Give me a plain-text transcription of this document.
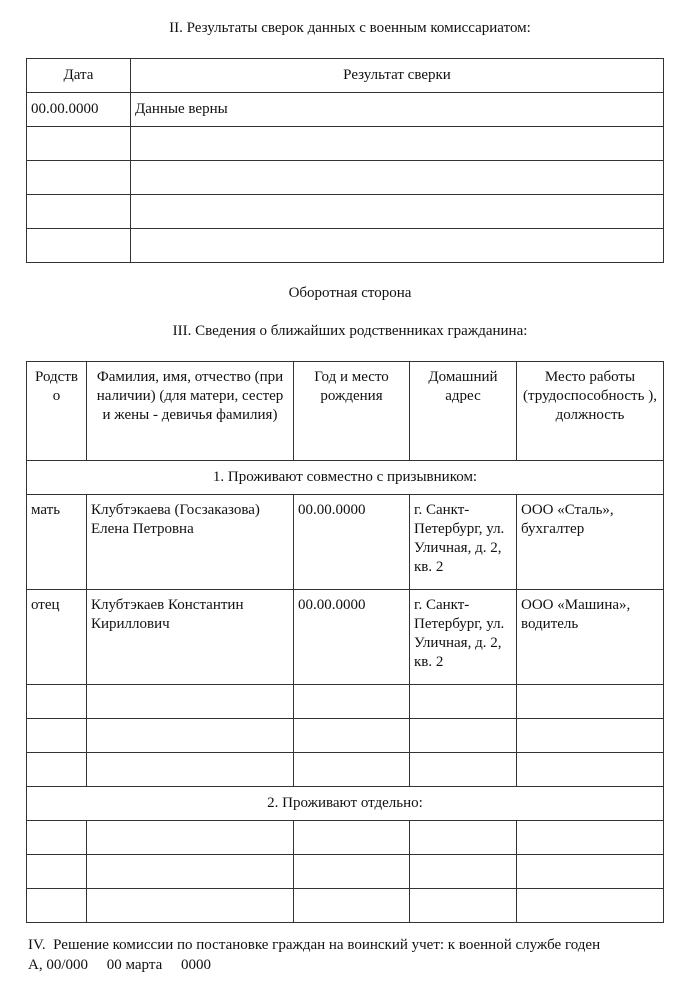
II. Результаты сверок данных с военным комиссариатом:
Дата	Результат сверки
00.00.0000	Данные верны

Оборотная сторона
III. Сведения о ближайших родственниках гражданина:
Родств о	Фамилия, имя, отчество (при наличии) (для матери, сестер и жены - девичья фамилия)	Год и место рождения	Домашний адрес	Место работы (трудоспособность ), должность
1. Проживают совместно с призывником:				
мать	Клубтэкаева (Госзаказова) Елена Петровна	00.00.0000	г. Санкт-Петербург, ул. Уличная, д. 2, кв. 2	ООО «Сталь», бухгалтер
отец	Клубтэкаев Константин Кириллович	00.00.0000	г. Санкт-Петербург, ул. Уличная, д. 2, кв. 2	ООО «Машина», водитель

2. Проживают отдельно:				

IV.  Решение комиссии по постановке граждан на воинский учет: к военной службе годен
А, 00/000     00 марта     0000
